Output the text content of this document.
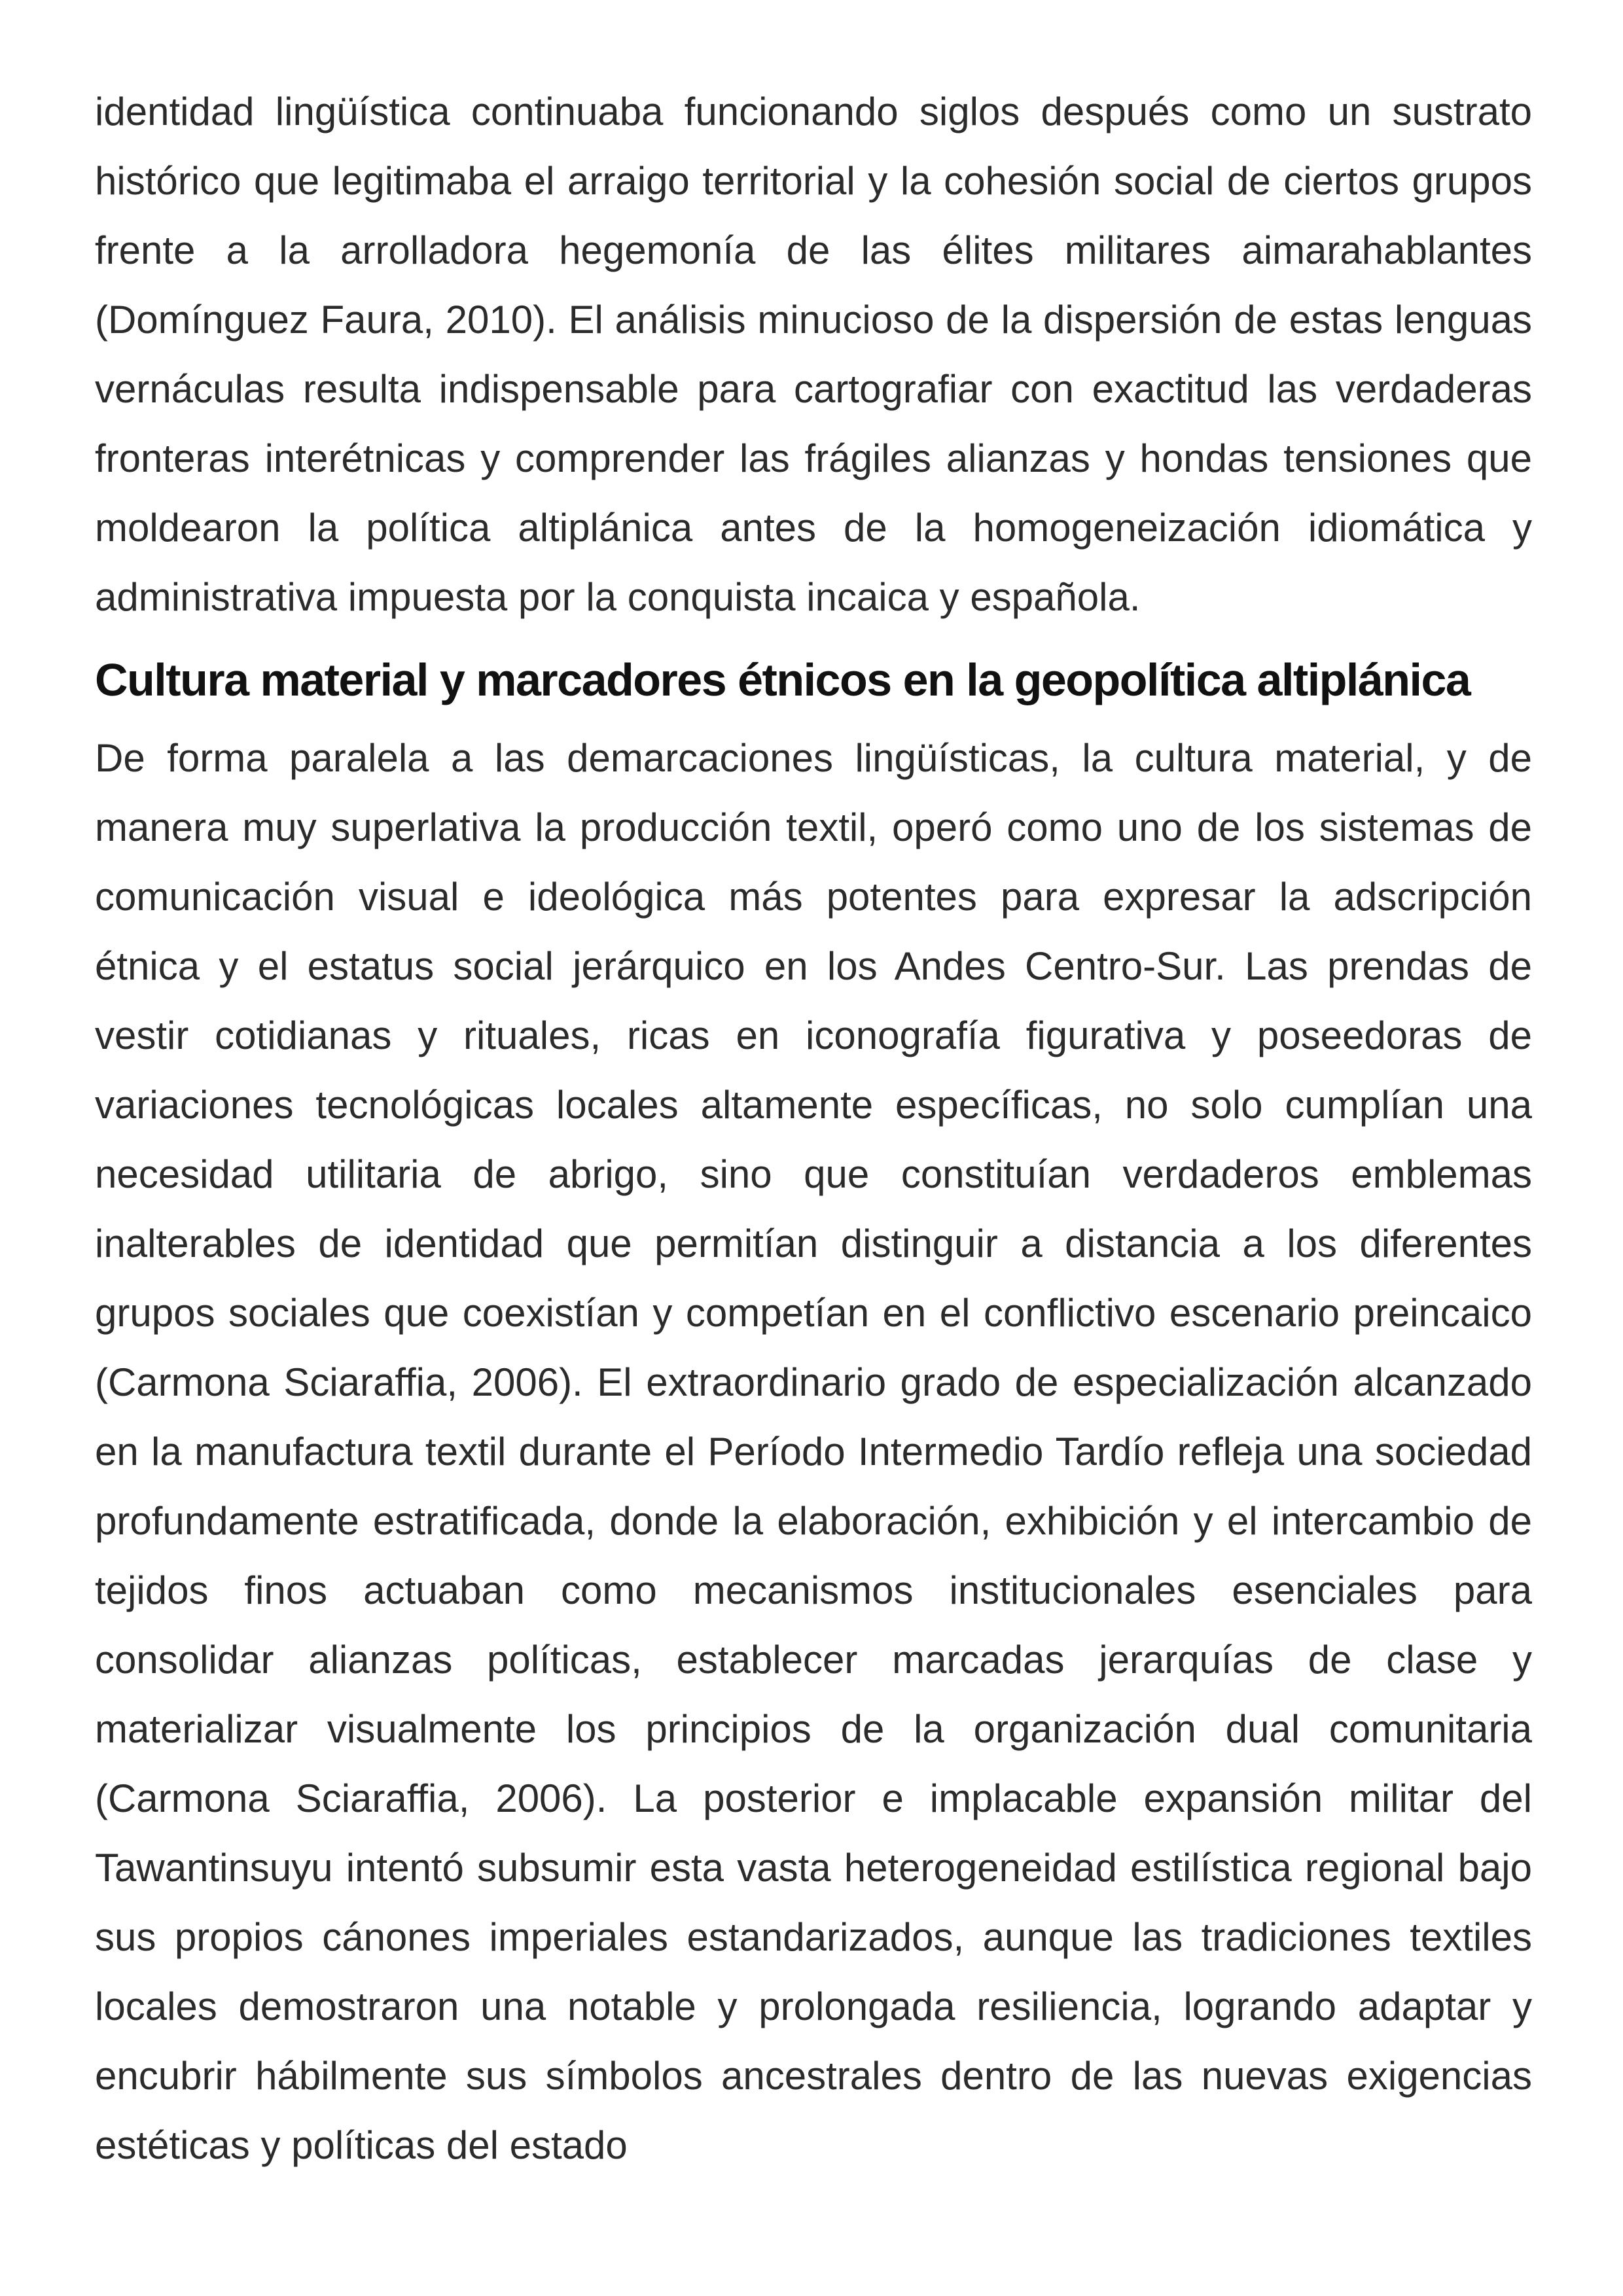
identidad lingüística continuaba funcionando siglos después como un sustrato histórico que legitimaba el arraigo territorial y la cohesión social de ciertos grupos frente a la arrolladora hegemonía de las élites militares aimarahablantes (Domínguez Faura, 2010). El análisis minucioso de la dispersión de estas lenguas vernáculas resulta indispensable para cartografiar con exactitud las verdaderas fronteras interétnicas y comprender las frágiles alianzas y hondas tensiones que moldearon la política altiplánica antes de la homogeneización idiomática y administrativa impuesta por la conquista incaica y española.

Cultura material y marcadores étnicos en la geopolítica altiplánica

De forma paralela a las demarcaciones lingüísticas, la cultura material, y de manera muy superlativa la producción textil, operó como uno de los sistemas de comunicación visual e ideológica más potentes para expresar la adscripción étnica y el estatus social jerárquico en los Andes Centro-Sur. Las prendas de vestir cotidianas y rituales, ricas en iconografía figurativa y poseedoras de variaciones tecnológicas locales altamente específicas, no solo cumplían una necesidad utilitaria de abrigo, sino que constituían verdaderos emblemas inalterables de identidad que permitían distinguir a distancia a los diferentes grupos sociales que coexistían y competían en el conflictivo escenario preincaico (Carmona Sciaraffia, 2006). El extraordinario grado de especialización alcanzado en la manufactura textil durante el Período Intermedio Tardío refleja una sociedad profundamente estratificada, donde la elaboración, exhibición y el intercambio de tejidos finos actuaban como mecanismos institucionales esenciales para consolidar alianzas políticas, establecer marcadas jerarquías de clase y materializar visualmente los principios de la organización dual comunitaria (Carmona Sciaraffia, 2006). La posterior e implacable expansión militar del Tawantinsuyu intentó subsumir esta vasta heterogeneidad estilística regional bajo sus propios cánones imperiales estandarizados, aunque las tradiciones textiles locales demostraron una notable y prolongada resiliencia, logrando adaptar y encubrir hábilmente sus símbolos ancestrales dentro de las nuevas exigencias estéticas y políticas del estado
